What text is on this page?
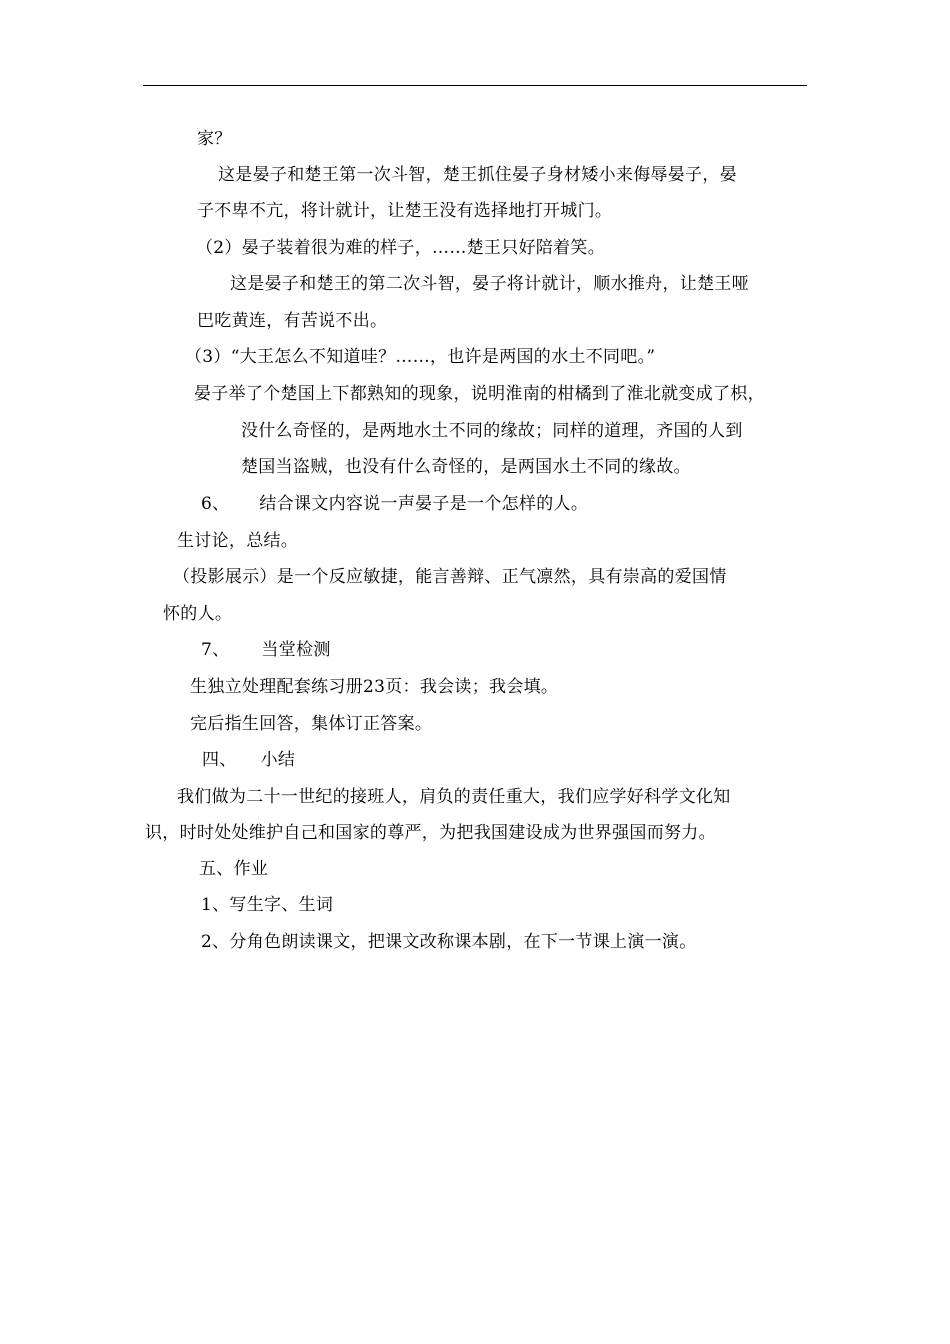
家？
这是晏子和楚王第一次斗智，楚王抓住晏子身材矮小来侮辱晏子，晏
子不卑不亢，将计就计，让楚王没有选择地打开城门。
（2）晏子装着很为难的样子，……楚王只好陪着笑。
这是晏子和楚王的第二次斗智，晏子将计就计，顺水推舟，让楚王哑
巴吃黄连，有苦说不出。
（3）“大王怎么不知道哇？……，也许是两国的水土不同吧。”
晏子举了个楚国上下都熟知的现象，说明淮南的柑橘到了淮北就变成了枳，
没什么奇怪的，是两地水土不同的缘故；同样的道理，齐国的人到
楚国当盗贼，也没有什么奇怪的，是两国水土不同的缘故。
6、 结合课文内容说一声晏子是一个怎样的人。
生讨论，总结。
（投影展示）是一个反应敏捷，能言善辩、正气凛然，具有崇高的爱国情
怀的人。
7、 当堂检测
生独立处理配套练习册23页：我会读；我会填。
完后指生回答，集体订正答案。
四、 小结
我们做为二十一世纪的接班人，肩负的责任重大，我们应学好科学文化知
识，时时处处维护自己和国家的尊严，为把我国建设成为世界强国而努力。
五、作业
1、写生字、生词
2、分角色朗读课文，把课文改称课本剧，在下一节课上演一演。
